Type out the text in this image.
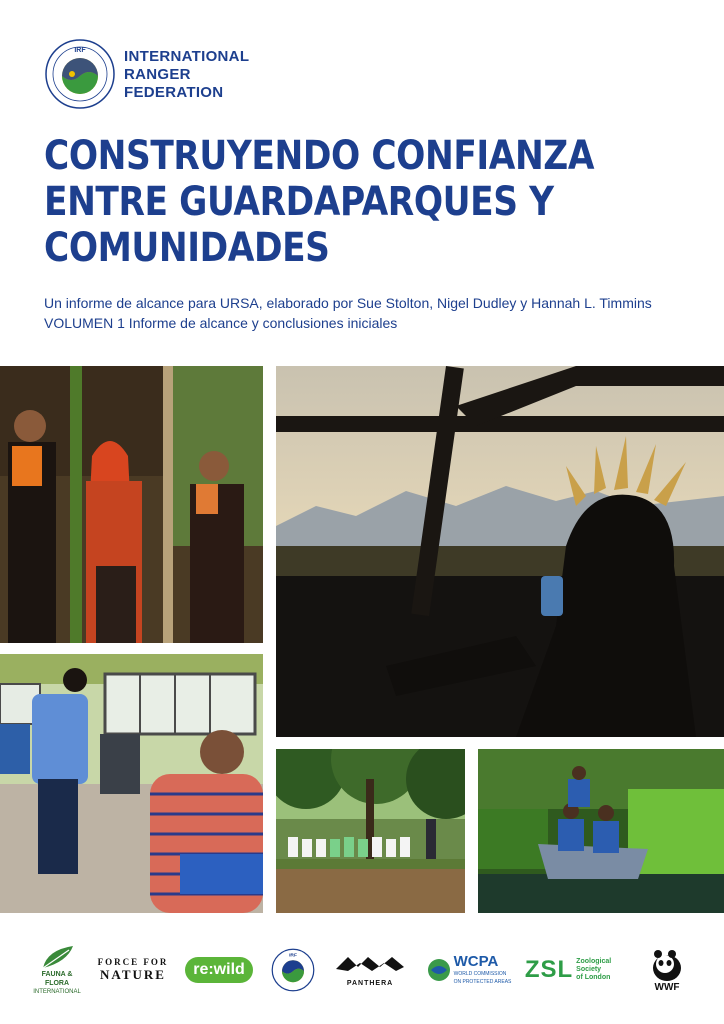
IRF	INTERNATIONAL
RANGER
FEDERATION
CONSTRUYENDO CONFIANZA
ENTRE GUARDAPARQUES Y
COMUNIDADES
Un informe de alcance para URSA, elaborado por Sue Stolton, Nigel Dudley y Hannah L. Timmins
VOLUMEN 1 Informe de alcance y conclusiones iniciales
FAUNA & FLORA
INTERNATIONAL
FORCE FOR
NATURE	re:wild
IRF
PANTHERA
WCPA
WORLD COMMISSION
ON PROTECTED AREAS ZSL Zoological
Society
of London
WWF
